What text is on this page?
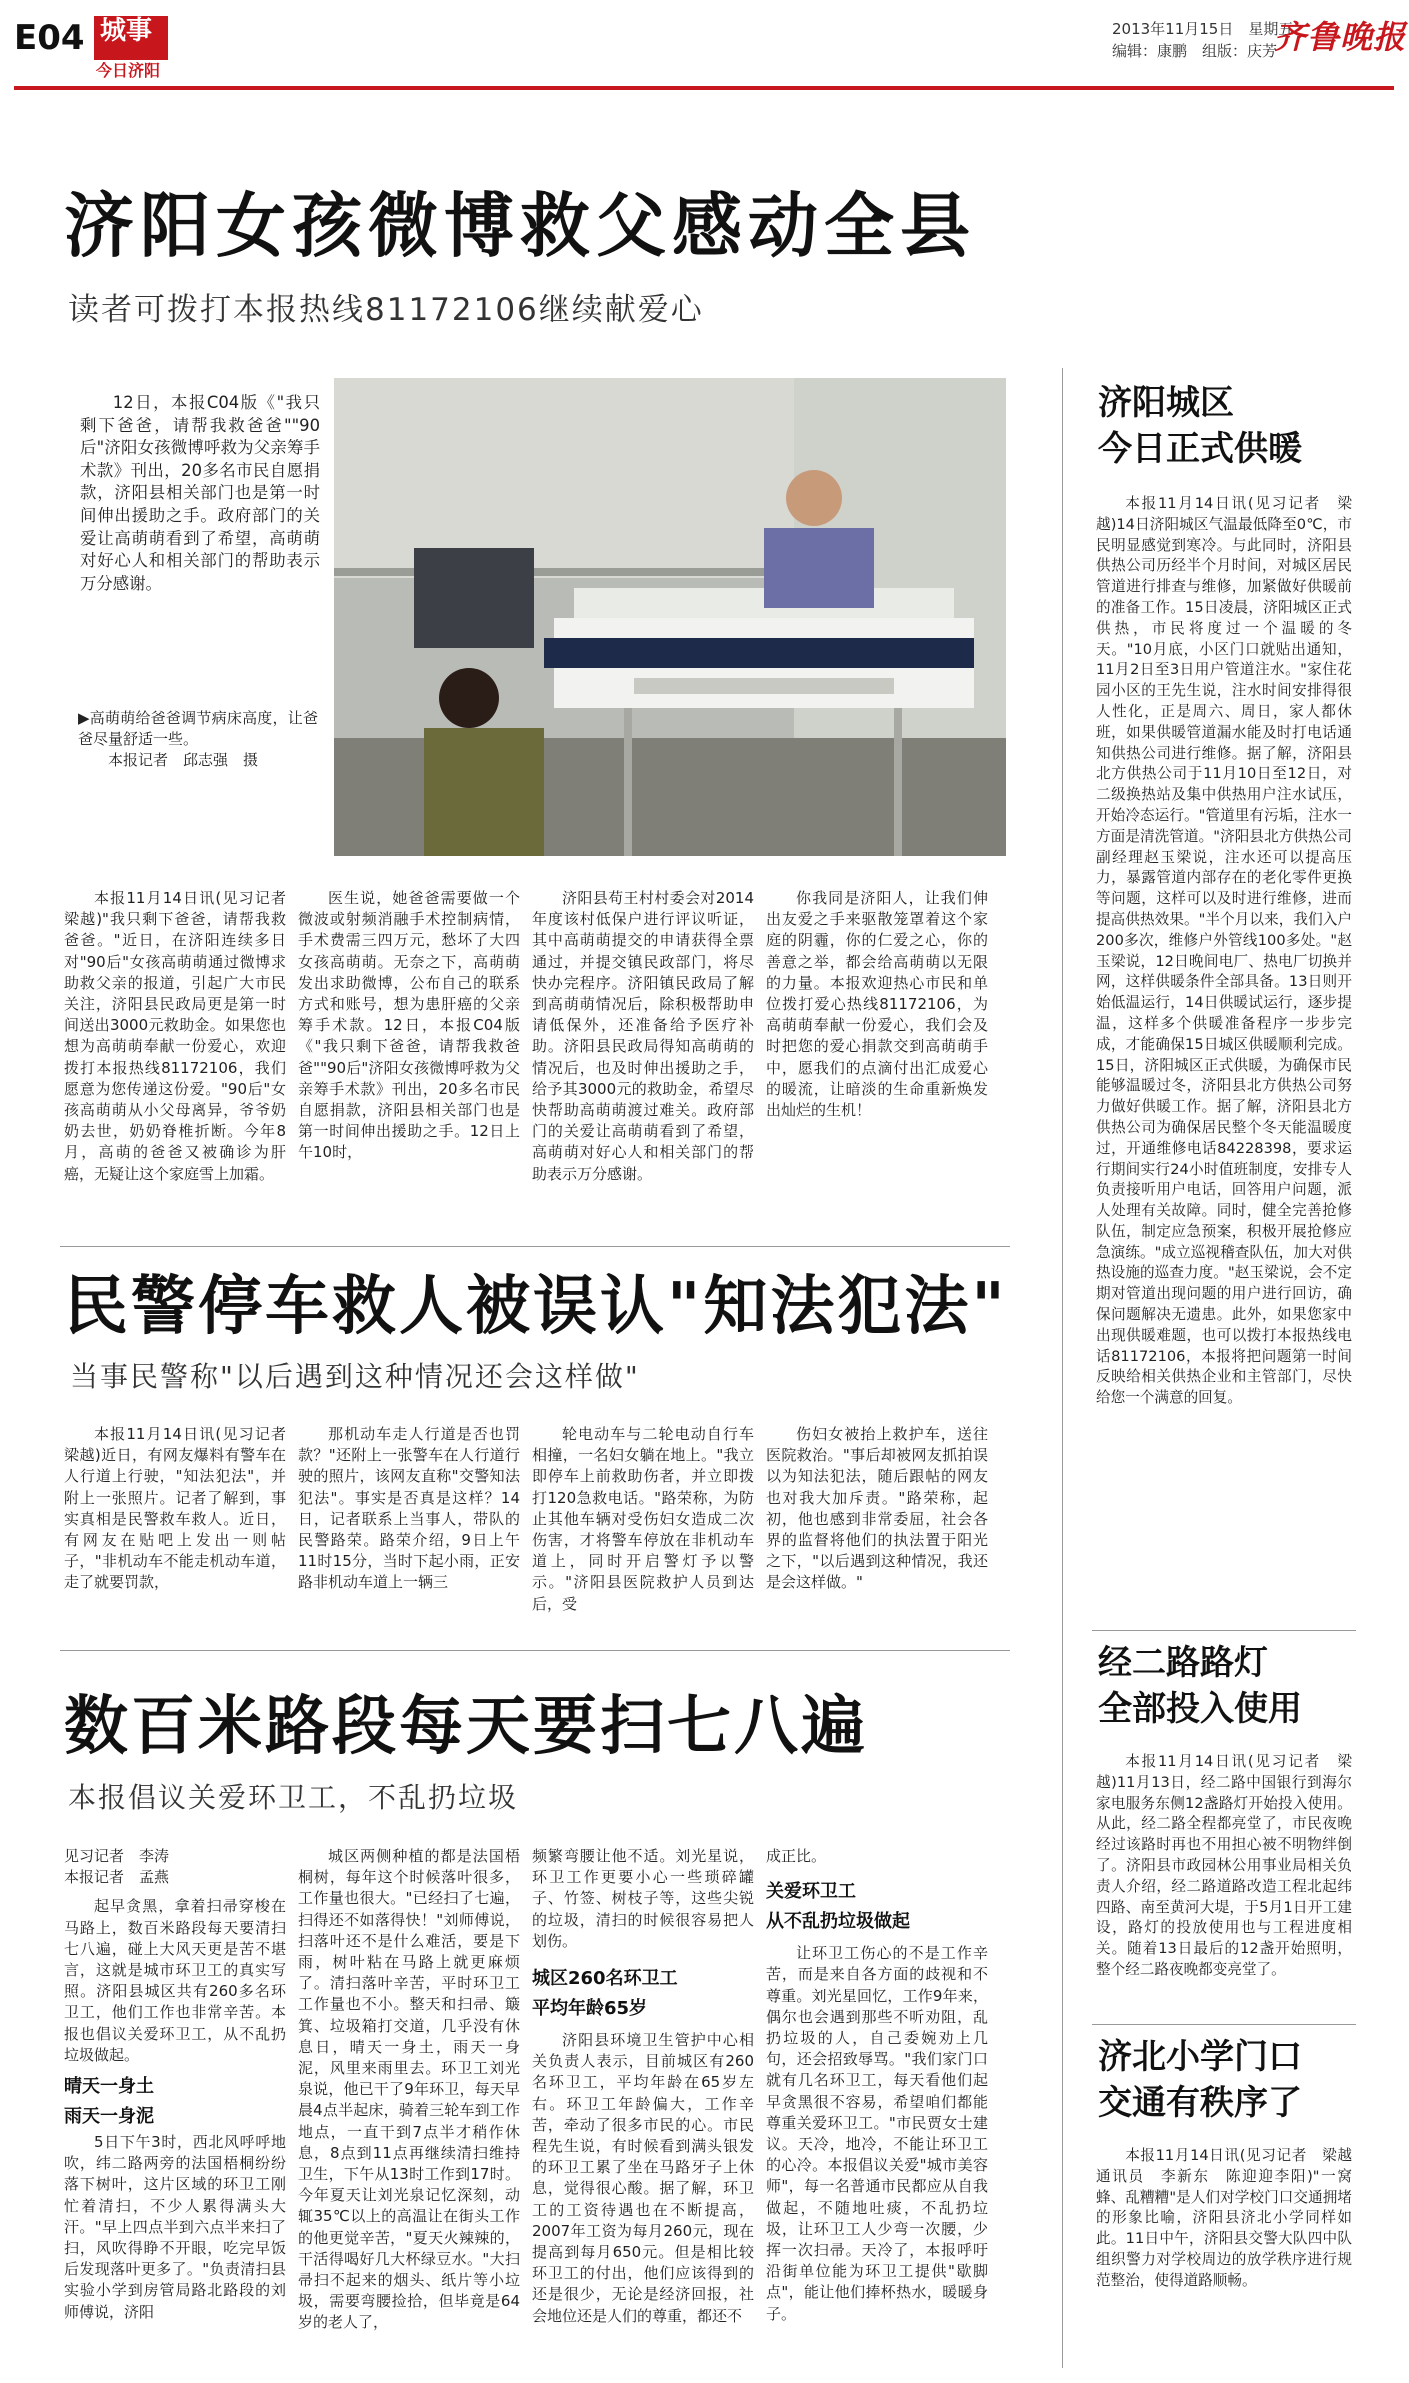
E04 城事
今日济阳
2013年11月15日　星期五
编辑：康鹏　组版：庆芳
齐鲁晚报
济阳女孩微博救父感动全县
读者可拨打本报热线81172106继续献爱心

12日，本报C04版《"我只剩下爸爸，请帮我救爸爸""90后"济阳女孩微博呼救为父亲筹手术款》刊出，20多名市民自愿捐款，济阳县相关部门也是第一时间伸出援助之手。政府部门的关爱让高萌萌看到了希望，高萌萌对好心人和相关部门的帮助表示万分感谢。

▶高萌萌给爸爸调节病床高度，让爸爸尽量舒适一些。
本报记者　邱志强　摄

本报11月14日讯(见习记者　梁越)"我只剩下爸爸，请帮我救爸爸。"近日，在济阳连续多日对"90后"女孩高萌萌通过微博求助救父亲的报道，引起广大市民关注，济阳县民政局更是第一时间送出3000元救助金。如果您也想为高萌萌奉献一份爱心，欢迎拨打本报热线81172106，我们愿意为您传递这份爱。"90后"女孩高萌萌从小父母离异，爷爷奶奶去世，奶奶脊椎折断。今年8月，高萌的爸爸又被确诊为肝癌，无疑让这个家庭雪上加霜。

医生说，她爸爸需要做一个微波或射频消融手术控制病情，手术费需三四万元，愁坏了大四女孩高萌萌。无奈之下，高萌萌发出求助微博，公布自己的联系方式和账号，想为患肝癌的父亲筹手术款。12日，本报C04版《"我只剩下爸爸，请帮我救爸爸""90后"济阳女孩微博呼救为父亲筹手术款》刊出，20多名市民自愿捐款，济阳县相关部门也是第一时间伸出援助之手。12日上午10时，

济阳县苟王村村委会对2014年度该村低保户进行评议听证，其中高萌萌提交的申请获得全票通过，并提交镇民政部门，将尽快办完程序。济阳镇民政局了解到高萌萌情况后，除积极帮助申请低保外，还准备给予医疗补助。济阳县民政局得知高萌萌的情况后，也及时伸出援助之手，给予其3000元的救助金，希望尽快帮助高萌萌渡过难关。政府部门的关爱让高萌萌看到了希望，高萌萌对好心人和相关部门的帮助表示万分感谢。

你我同是济阳人，让我们伸出友爱之手来驱散笼罩着这个家庭的阴霾，你的仁爱之心，你的善意之举，都会给高萌萌以无限的力量。本报欢迎热心市民和单位拨打爱心热线81172106，为高萌萌奉献一份爱心，我们会及时把您的爱心捐款交到高萌萌手中，愿我们的点滴付出汇成爱心的暖流，让暗淡的生命重新焕发出灿烂的生机！

民警停车救人被误认"知法犯法"
当事民警称"以后遇到这种情况还会这样做"

本报11月14日讯(见习记者　梁越)近日，有网友爆料有警车在人行道上行驶，"知法犯法"，并附上一张照片。记者了解到，事实真相是民警救车救人。近日，有网友在贴吧上发出一则帖子，"非机动车不能走机动车道，走了就要罚款，

那机动车走人行道是否也罚款？"还附上一张警车在人行道行驶的照片，该网友直称"交警知法犯法"。事实是否真是这样？14日，记者联系上当事人，带队的民警路荣。路荣介绍，9日上午11时15分，当时下起小雨，正安路非机动车道上一辆三

轮电动车与二轮电动自行车相撞，一名妇女躺在地上。"我立即停车上前救助伤者，并立即拨打120急救电话。"路荣称，为防止其他车辆对受伤妇女造成二次伤害，才将警车停放在非机动车道上，同时开启警灯予以警示。"济阳县医院救护人员到达后，受

伤妇女被抬上救护车，送往医院救治。"事后却被网友抓拍误以为知法犯法，随后跟帖的网友也对我大加斥责。"路荣称，起初，他也感到非常委屈，社会各界的监督将他们的执法置于阳光之下，"以后遇到这种情况，我还是会这样做。"

数百米路段每天要扫七八遍
本报倡议关爱环卫工，不乱扔垃圾
见习记者　李涛
本报记者　孟燕

起早贪黑，拿着扫帚穿梭在马路上，数百米路段每天要清扫七八遍，碰上大风天更是苦不堪言，这就是城市环卫工的真实写照。济阳县城区共有260多名环卫工，他们工作也非常辛苦。本报也倡议关爱环卫工，从不乱扔垃圾做起。

晴天一身土
雨天一身泥

5日下午3时，西北风呼呼地吹，纬二路两旁的法国梧桐纷纷落下树叶，这片区域的环卫工刚忙着清扫，不少人累得满头大汗。"早上四点半到六点半来扫了扫，风吹得睁不开眼，吃完早饭后发现落叶更多了。"负责清扫县实验小学到房管局路北路段的刘师傅说，济阳

城区两侧种植的都是法国梧桐树，每年这个时候落叶很多，工作量也很大。"已经扫了七遍，扫得还不如落得快！"刘师傅说，扫落叶还不是什么难活，要是下雨，树叶粘在马路上就更麻烦了。清扫落叶辛苦，平时环卫工工作量也不小。整天和扫帚、簸箕、垃圾箱打交道，几乎没有休息日，晴天一身土，雨天一身泥，风里来雨里去。环卫工刘光泉说，他已干了9年环卫，每天早晨4点半起床，骑着三轮车到工作地点，一直干到7点半才稍作休息，8点到11点再继续清扫维持卫生，下午从13时工作到17时。今年夏天让刘光泉记忆深刻，动辄35℃以上的高温让在街头工作的他更觉辛苦，"夏天火辣辣的，干活得喝好几大杯绿豆水。"大扫帚扫不起来的烟头、纸片等小垃圾，需要弯腰捡拾，但毕竟是64岁的老人了，

频繁弯腰让他不适。刘光星说，环卫工作更要小心一些琐碎罐子、竹签、树枝子等，这些尖锐的垃圾，清扫的时候很容易把人划伤。

城区260名环卫工
平均年龄65岁

济阳县环境卫生管护中心相关负责人表示，目前城区有260名环卫工，平均年龄在65岁左右。环卫工年龄偏大，工作辛苦，牵动了很多市民的心。市民程先生说，有时候看到满头银发的环卫工累了坐在马路牙子上休息，觉得很心酸。据了解，环卫工的工资待遇也在不断提高，2007年工资为每月260元，现在提高到每月650元。但是相比较环卫工的付出，他们应该得到的还是很少，无论是经济回报，社会地位还是人们的尊重，都还不

成正比。

关爱环卫工
从不乱扔垃圾做起

让环卫工伤心的不是工作辛苦，而是来自各方面的歧视和不尊重。刘光星回忆，工作9年来，偶尔也会遇到那些不听劝阻，乱扔垃圾的人，自己委婉劝上几句，还会招致辱骂。"我们家门口就有几名环卫工，每天看他们起早贪黑很不容易，希望咱们都能尊重关爱环卫工。"市民贾女士建议。天冷，地冷，不能让环卫工的心冷。本报倡议关爱"城市美容师"，每一名普通市民都应从自我做起，不随地吐痰，不乱扔垃圾，让环卫工人少弯一次腰，少挥一次扫帚。天冷了，本报呼吁沿街单位能为环卫工提供"歇脚点"，能让他们捧杯热水，暖暖身子。

济阳城区
今日正式供暖

本报11月14日讯(见习记者　梁越)14日济阳城区气温最低降至0℃，市民明显感觉到寒冷。与此同时，济阳县供热公司历经半个月时间，对城区居民管道进行排查与维修，加紧做好供暖前的准备工作。15日凌晨，济阳城区正式供热，市民将度过一个温暖的冬天。"10月底，小区门口就贴出通知，11月2日至3日用户管道注水。"家住花园小区的王先生说，注水时间安排得很人性化，正是周六、周日，家人都休班，如果供暖管道漏水能及时打电话通知供热公司进行维修。据了解，济阳县北方供热公司于11月10日至12日，对二级换热站及集中供热用户注水试压，开始冷态运行。"管道里有污垢，注水一方面是清洗管道。"济阳县北方供热公司副经理赵玉梁说，注水还可以提高压力，暴露管道内部存在的老化零件更换等问题，这样可以及时进行维修，进而提高供热效果。"半个月以来，我们入户200多次，维修户外管线100多处。"赵玉梁说，12日晚间电厂、热电厂切换并网，这样供暖条件全部具备。13日则开始低温运行，14日供暖试运行，逐步提温，这样多个供暖准备程序一步步完成，才能确保15日城区供暖顺利完成。15日，济阳城区正式供暖，为确保市民能够温暖过冬，济阳县北方供热公司努力做好供暖工作。据了解，济阳县北方供热公司为确保居民整个冬天能温暖度过，开通维修电话84228398，要求运行期间实行24小时值班制度，安排专人负责接听用户电话，回答用户问题，派人处理有关故障。同时，健全完善抢修队伍，制定应急预案，积极开展抢修应急演练。"成立巡视稽查队伍，加大对供热设施的巡查力度。"赵玉梁说，会不定期对管道出现问题的用户进行回访，确保问题解决无遗患。此外，如果您家中出现供暖难题，也可以拨打本报热线电话81172106，本报将把问题第一时间反映给相关供热企业和主管部门，尽快给您一个满意的回复。

经二路路灯
全部投入使用

本报11月14日讯(见习记者　梁越)11月13日，经二路中国银行到海尔家电服务东侧12盏路灯开始投入使用。从此，经二路全程都亮堂了，市民夜晚经过该路时再也不用担心被不明物绊倒了。济阳县市政园林公用事业局相关负责人介绍，经二路道路改造工程北起纬四路、南至黄河大堤，于5月1日开工建设，路灯的投放使用也与工程进度相关。随着13日最后的12盏开始照明，整个经二路夜晚都变亮堂了。

济北小学门口
交通有秩序了

本报11月14日讯(见习记者　梁越　通讯员　李新东　陈迎迎李阳)"一窝蜂、乱糟糟"是人们对学校门口交通拥堵的形象比喻，济阳县济北小学同样如此。11日中午，济阳县交警大队四中队组织警力对学校周边的放学秩序进行规范整治，使得道路顺畅。
